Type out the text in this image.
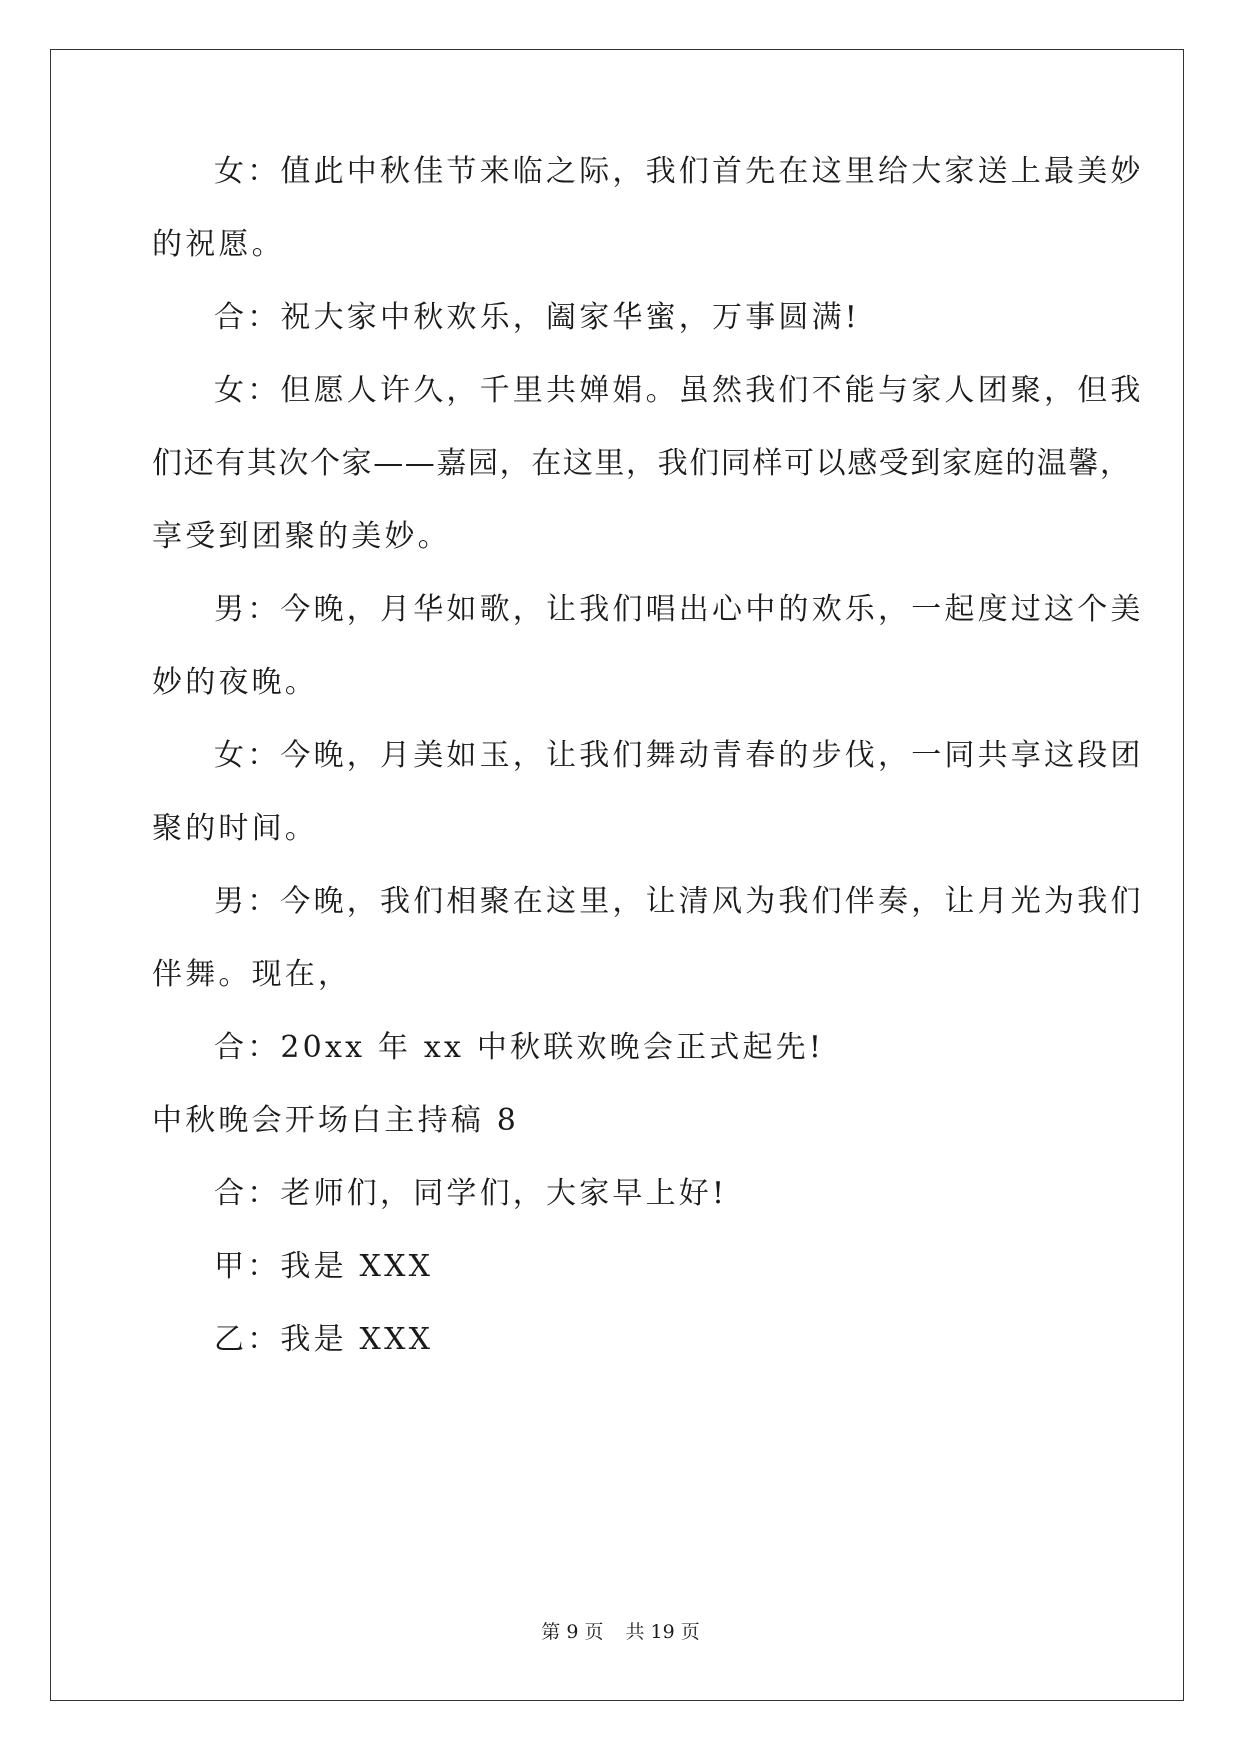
女：值此中秋佳节来临之际，我们首先在这里给大家送上最美妙
的祝愿。
合：祝大家中秋欢乐，阖家华蜜，万事圆满!
女：但愿人许久，千里共婵娟。虽然我们不能与家人团聚，但我
们还有其次个家——嘉园，在这里，我们同样可以感受到家庭的温馨，
享受到团聚的美妙。
男：今晚，月华如歌，让我们唱出心中的欢乐，一起度过这个美
妙的夜晚。
女：今晚，月美如玉，让我们舞动青春的步伐，一同共享这段团
聚的时间。
男：今晚，我们相聚在这里，让清风为我们伴奏，让月光为我们
伴舞。现在，
合：20xx 年 xx 中秋联欢晚会正式起先!
中秋晚会开场白主持稿 8
合：老师们，同学们，大家早上好!
甲：我是 XXX
乙：我是 XXX
第 9 页 共 19 页
